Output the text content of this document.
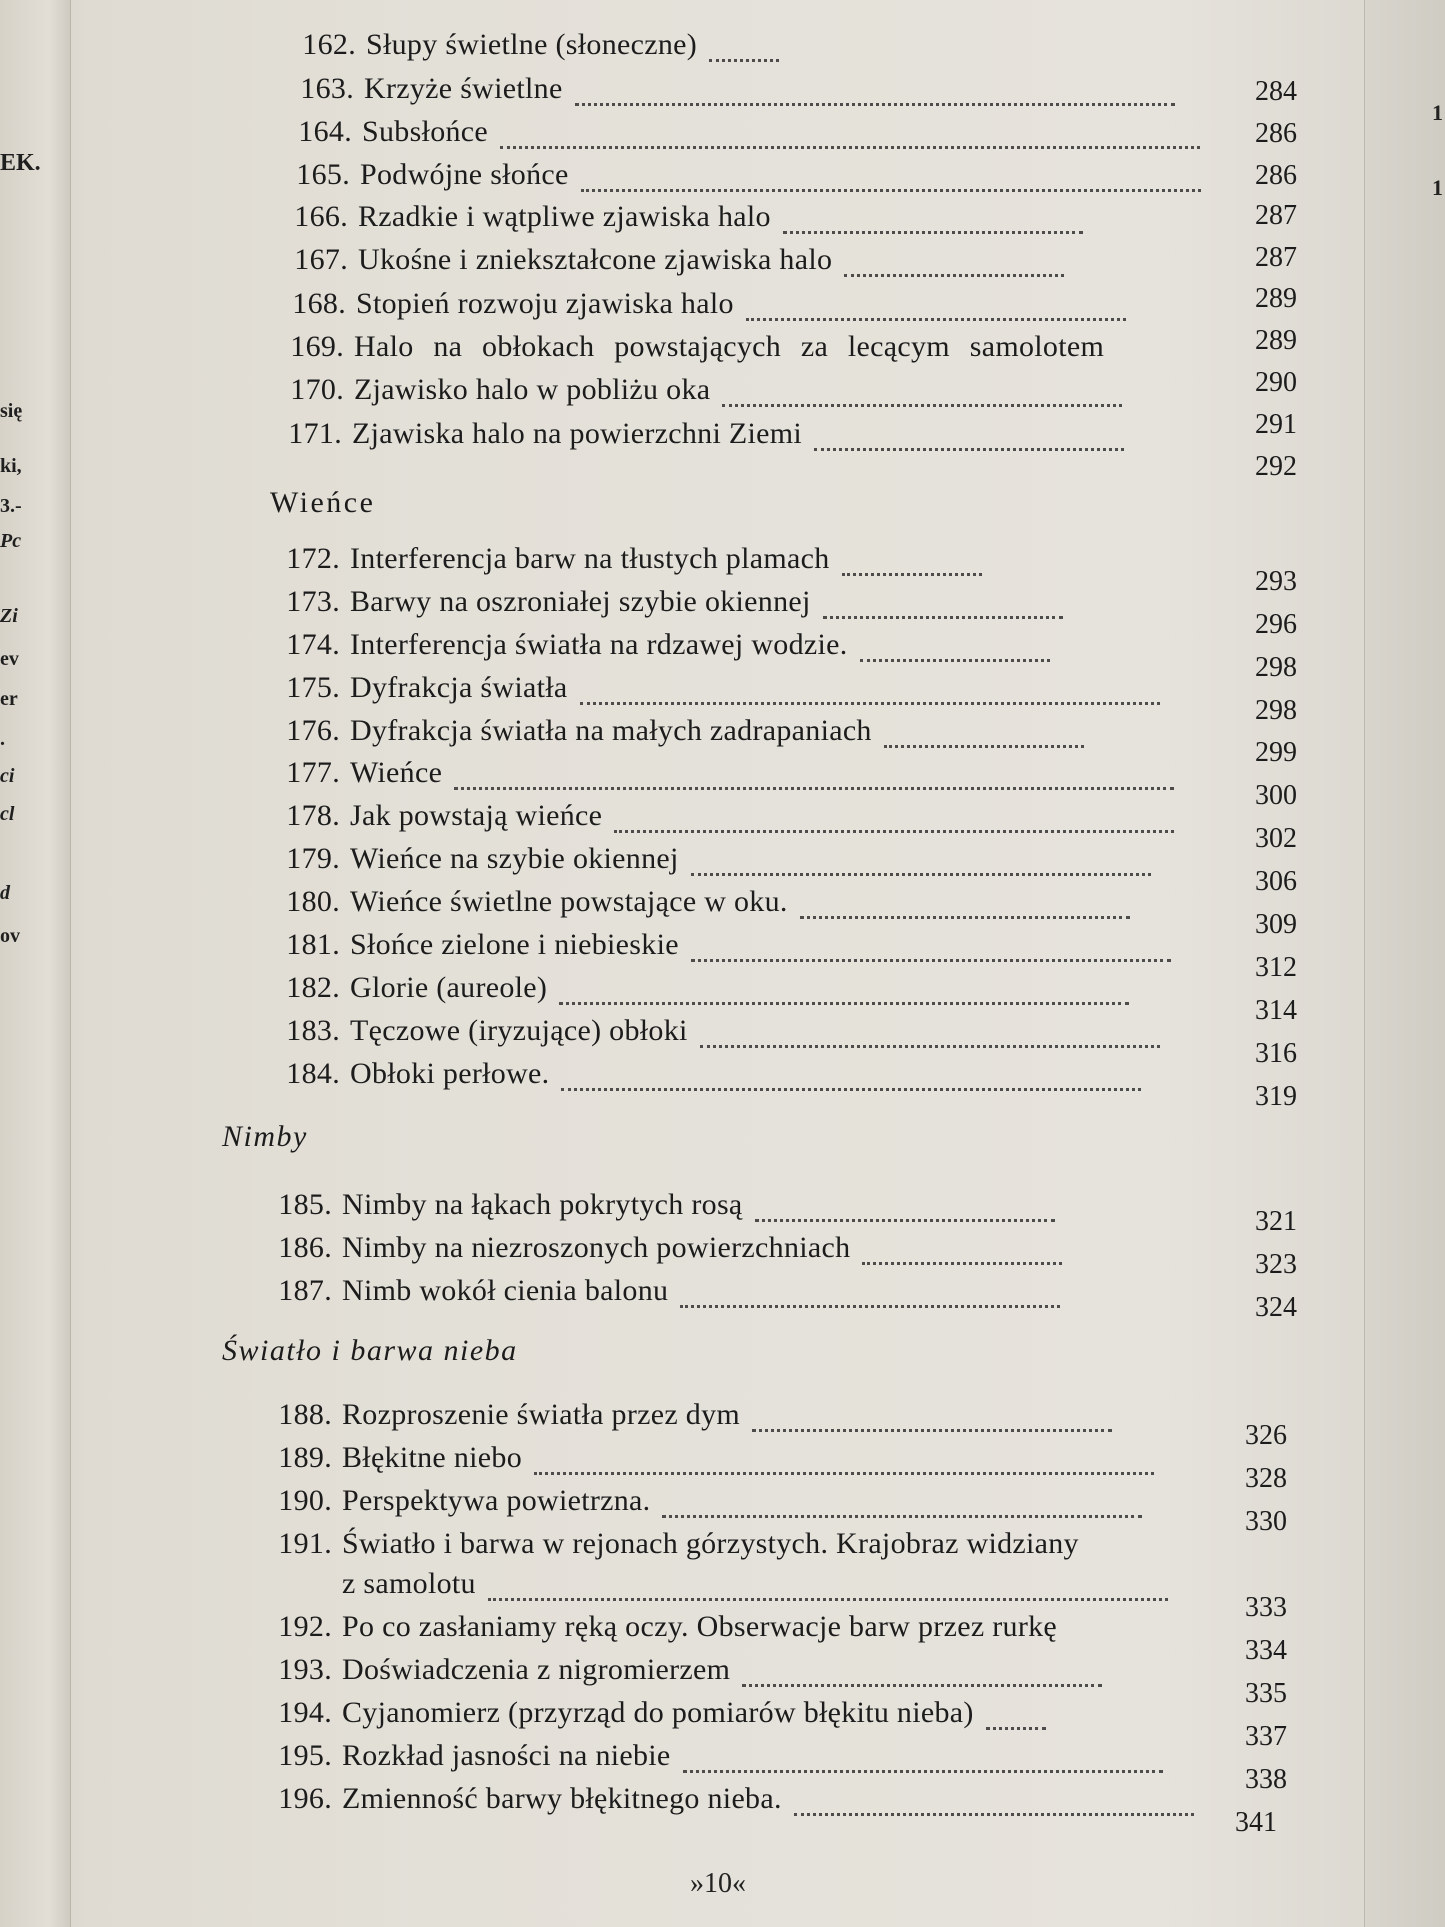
EK.
się
ki,
3.-
Pc
Zi
ev
er
.
ci
cl
d
ov
1
1
162. Słupy świetlne (słoneczne)
163. Krzyże świetlne
164. Subsłońce
165. Podwójne słońce
166. Rzadkie i wątpliwe zjawiska halo
167. Ukośne i zniekształcone zjawiska halo
168. Stopień rozwoju zjawiska halo
169. Halo na obłokach powstających za lecącym samolotem
170. Zjawisko halo w pobliżu oka
171. Zjawiska halo na powierzchni Ziemi
284
286
286
287
287
289
289
290
291
292
Wieńce
172. Interferencja barw na tłustych plamach
173. Barwy na oszroniałej szybie okiennej
174. Interferencja światła na rdzawej wodzie.
175. Dyfrakcja światła
176. Dyfrakcja światła na małych zadrapaniach
177. Wieńce
178. Jak powstają wieńce
179. Wieńce na szybie okiennej
180. Wieńce świetlne powstające w oku.
181. Słońce zielone i niebieskie
182. Glorie (aureole)
183. Tęczowe (iryzujące) obłoki
184. Obłoki perłowe.
293
296
298
298
299
300
302
306
309
312
314
316
319
Nimby
185. Nimby na łąkach pokrytych rosą
186. Nimby na niezroszonych powierzchniach
187. Nimb wokół cienia balonu
321
323
324
Światło i barwa nieba
188. Rozproszenie światła przez dym
189. Błękitne niebo
190. Perspektywa powietrzna.
191. Światło i barwa w rejonach górzystych. Krajobraz widziany
z samolotu
192. Po co zasłaniamy ręką oczy. Obserwacje barw przez rurkę
193. Doświadczenia z nigromierzem
194. Cyjanomierz (przyrząd do pomiarów błękitu nieba)
195. Rozkład jasności na niebie
196. Zmienność barwy błękitnego nieba.
326
328
330
333
334
335
337
338
341
»10«
